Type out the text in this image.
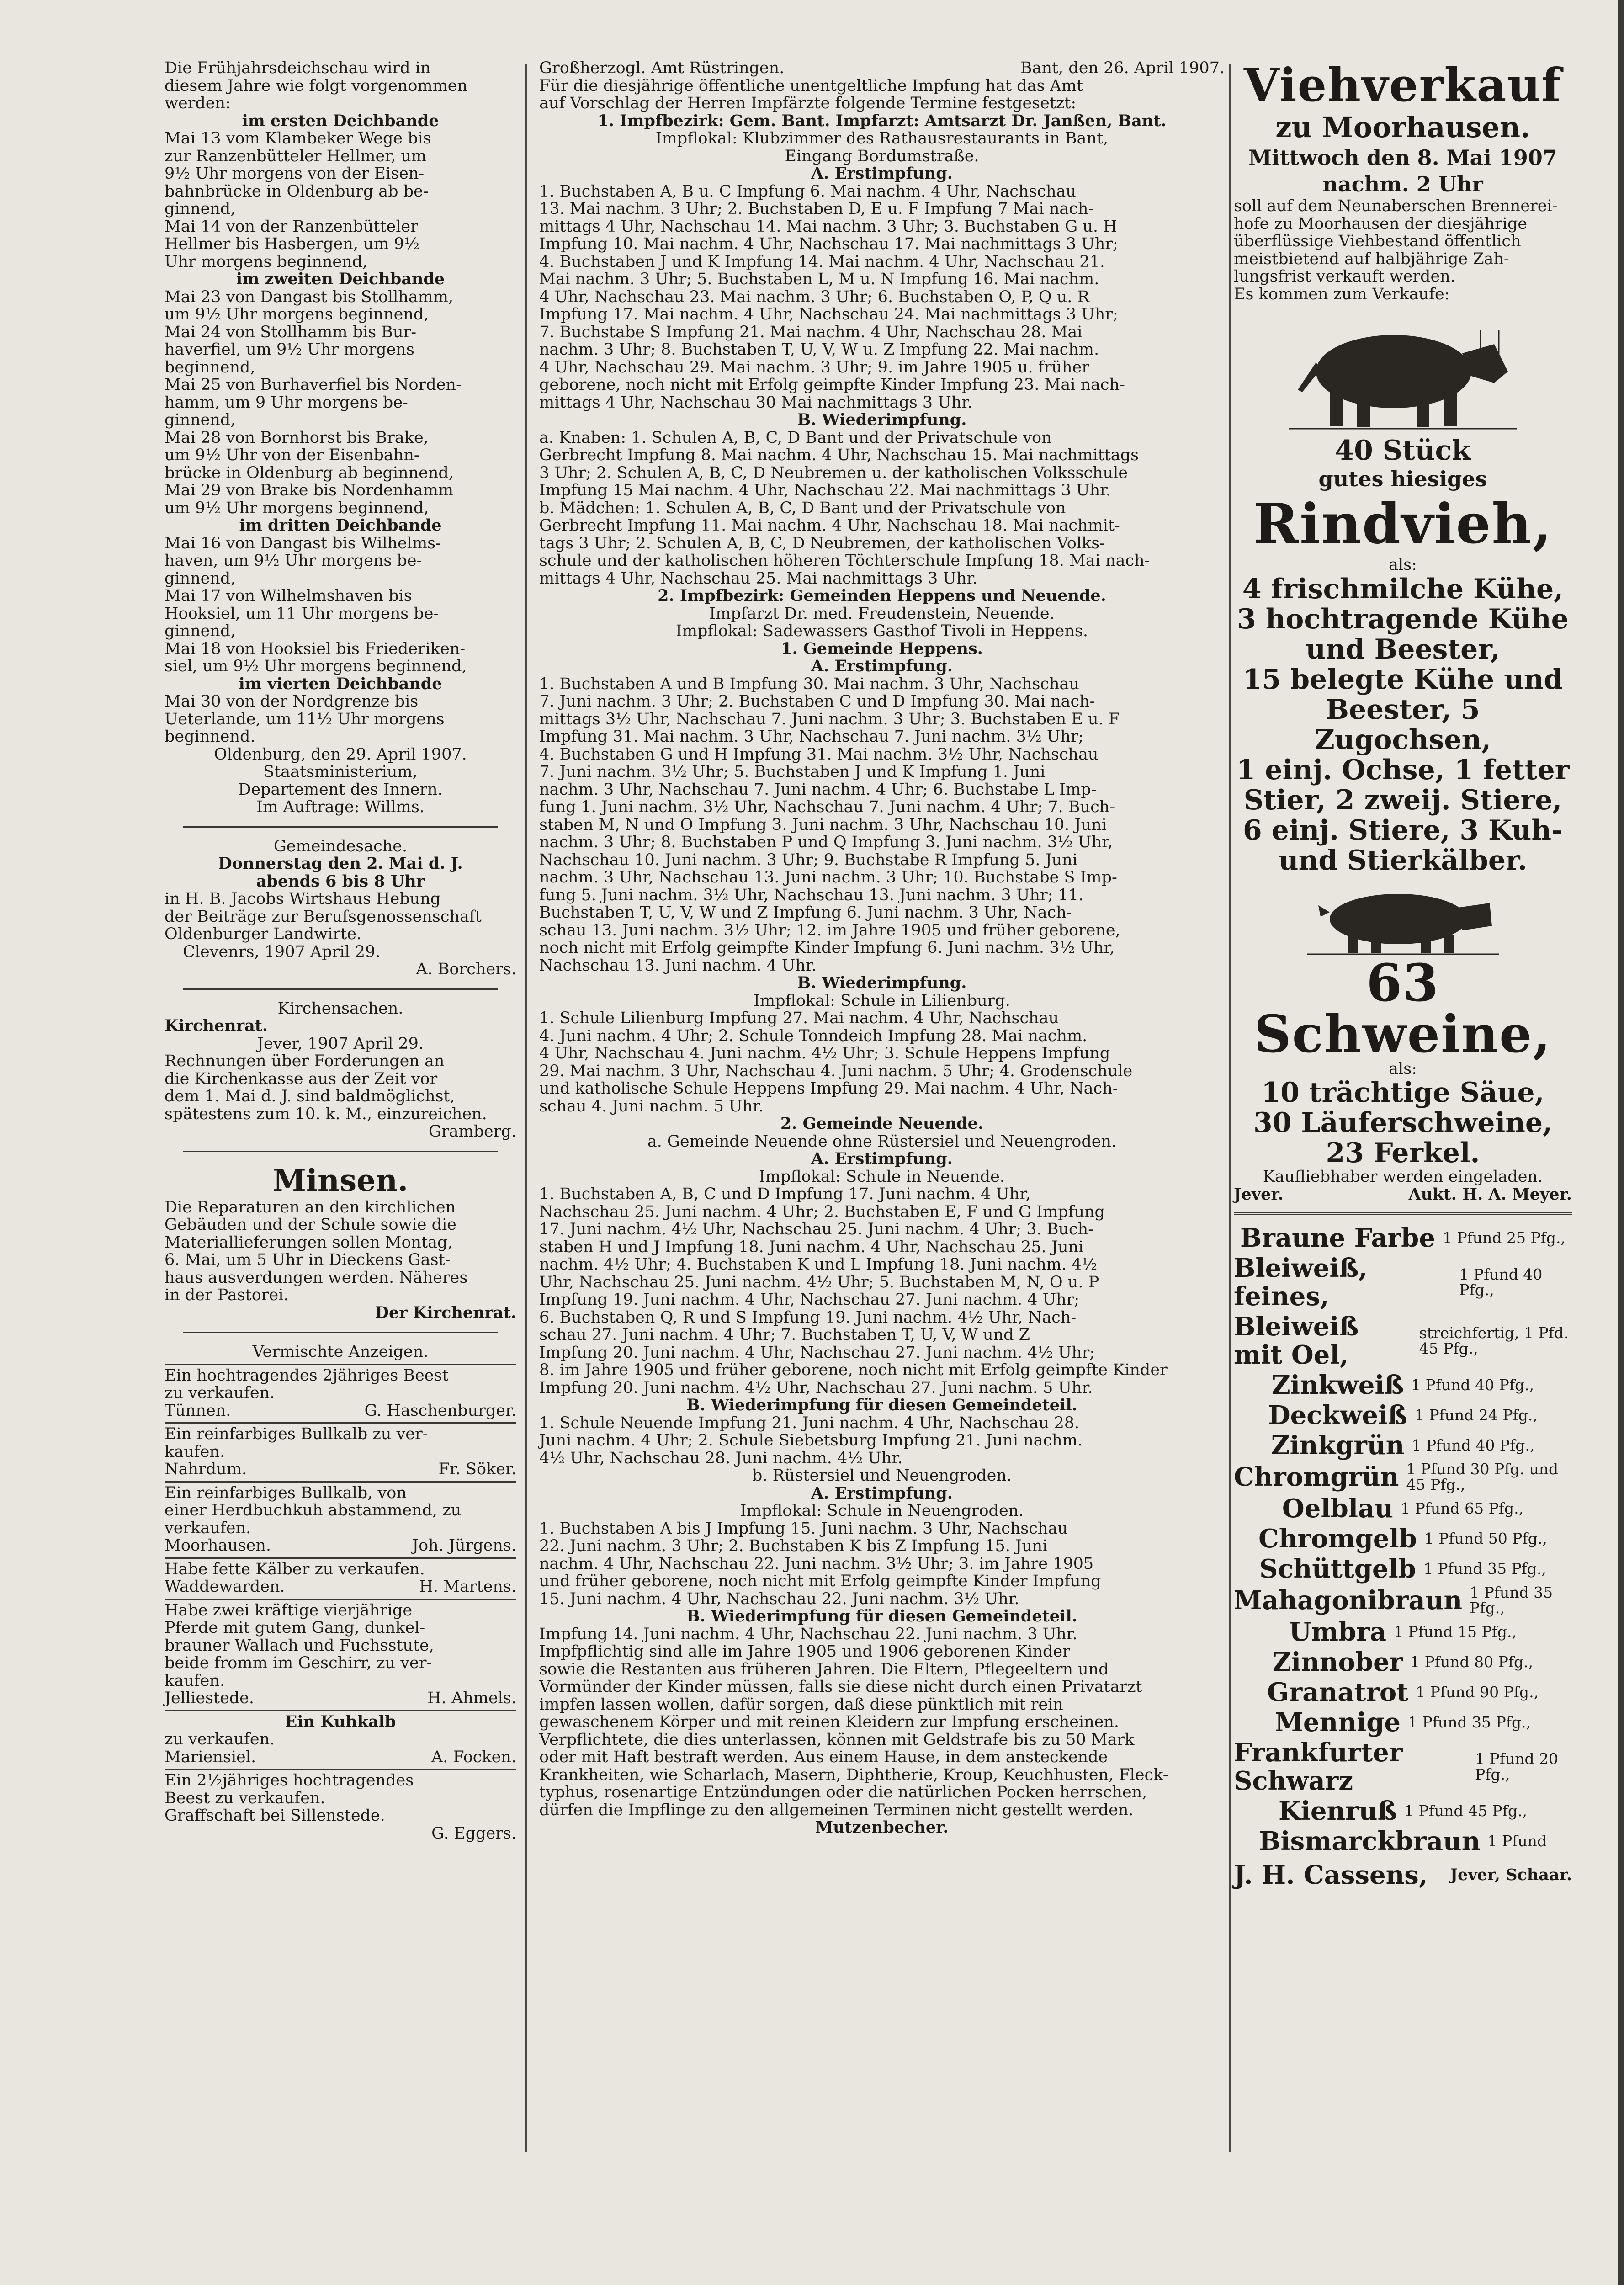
Die Frühjahrsdeichschau wird in

diesem Jahre wie folgt vorgenommen

werden:

im ersten Deichbande

Mai 13 vom Klambeker Wege bis

zur Ranzenbütteler Hellmer, um

9½ Uhr morgens von der Eisen-

bahnbrücke in Oldenburg ab be-

ginnend,

Mai 14 von der Ranzenbütteler

Hellmer bis Hasbergen, um 9½

Uhr morgens beginnend,

im zweiten Deichbande

Mai 23 von Dangast bis Stollhamm,

um 9½ Uhr morgens beginnend,

Mai 24 von Stollhamm bis Bur-

haverfiel, um 9½ Uhr morgens

beginnend,

Mai 25 von Burhaverfiel bis Norden-

hamm, um 9 Uhr morgens be-

ginnend,

Mai 28 von Bornhorst bis Brake,

um 9½ Uhr von der Eisenbahn-

brücke in Oldenburg ab beginnend,

Mai 29 von Brake bis Nordenhamm

um 9½ Uhr morgens beginnend,

im dritten Deichbande

Mai 16 von Dangast bis Wilhelms-

haven, um 9½ Uhr morgens be-

ginnend,

Mai 17 von Wilhelmshaven bis

Hooksiel, um 11 Uhr morgens be-

ginnend,

Mai 18 von Hooksiel bis Friederiken-

siel, um 9½ Uhr morgens beginnend,

im vierten Deichbande

Mai 30 von der Nordgrenze bis

Ueterlande, um 11½ Uhr morgens

beginnend.

Oldenburg, den 29. April 1907.

Staatsministerium,

Departement des Innern.

Im Auftrage: Willms.

Gemeindesache.

Donnerstag den 2. Mai d. J.

abends 6 bis 8 Uhr

in H. B. Jacobs Wirtshaus Hebung

der Beiträge zur Berufsgenossenschaft

Oldenburger Landwirte.

Clevenrs, 1907 April 29.

A. Borchers.

Kirchensachen.

Kirchenrat.

Jever, 1907 April 29.

Rechnungen über Forderungen an

die Kirchenkasse aus der Zeit vor

dem 1. Mai d. J. sind baldmöglichst,

spätestens zum 10. k. M., einzureichen.

Gramberg.

Minsen.

Die Reparaturen an den kirchlichen

Gebäuden und der Schule sowie die

Materiallieferungen sollen Montag,

6. Mai, um 5 Uhr in Dieckens Gast-

haus ausverdungen werden. Näheres

in der Pastorei.

Der Kirchenrat.

Vermischte Anzeigen.

Ein hochtragendes 2jähriges Beest

zu verkaufen.

Tünnen.	G. Haschenburger.

Ein reinfarbiges Bullkalb zu ver-

kaufen.

Nahrdum.	Fr. Söker.

Ein reinfarbiges Bullkalb, von

einer Herdbuchkuh abstammend, zu

verkaufen.

Moorhausen.	Joh. Jürgens.

Habe fette Kälber zu verkaufen.

Waddewarden.	H. Martens.

Habe zwei kräftige vierjährige

Pferde mit gutem Gang, dunkel-

brauner Wallach und Fuchsstute,

beide fromm im Geschirr, zu ver-

kaufen.

Jelliestede.	H. Ahmels.

Ein Kuhkalb

zu verkaufen.

Mariensiel.	A. Focken.

Ein 2½jähriges hochtragendes

Beest zu verkaufen.

Graffschaft bei Sillenstede.

G. Eggers.
Großherzogl. Amt Rüstringen.	Bant, den 26. April 1907.

Für die diesjährige öffentliche unentgeltliche Impfung hat das Amt

auf Vorschlag der Herren Impfärzte folgende Termine festgesetzt:

1. Impfbezirk: Gem. Bant. Impfarzt: Amtsarzt Dr. Janßen, Bant.

Impflokal: Klubzimmer des Rathausrestaurants in Bant,

Eingang Bordumstraße.

A. Erstimpfung.

1. Buchstaben A, B u. C Impfung 6. Mai nachm. 4 Uhr, Nachschau

13. Mai nachm. 3 Uhr; 2. Buchstaben D, E u. F Impfung 7 Mai nach-

mittags 4 Uhr, Nachschau 14. Mai nachm. 3 Uhr; 3. Buchstaben G u. H

Impfung 10. Mai nachm. 4 Uhr, Nachschau 17. Mai nachmittags 3 Uhr;

4. Buchstaben J und K Impfung 14. Mai nachm. 4 Uhr, Nachschau 21.

Mai nachm. 3 Uhr; 5. Buchstaben L, M u. N Impfung 16. Mai nachm.

4 Uhr, Nachschau 23. Mai nachm. 3 Uhr; 6. Buchstaben O, P, Q u. R

Impfung 17. Mai nachm. 4 Uhr, Nachschau 24. Mai nachmittags 3 Uhr;

7. Buchstabe S Impfung 21. Mai nachm. 4 Uhr, Nachschau 28. Mai

nachm. 3 Uhr; 8. Buchstaben T, U, V, W u. Z Impfung 22. Mai nachm.

4 Uhr, Nachschau 29. Mai nachm. 3 Uhr; 9. im Jahre 1905 u. früher

geborene, noch nicht mit Erfolg geimpfte Kinder Impfung 23. Mai nach-

mittags 4 Uhr, Nachschau 30 Mai nachmittags 3 Uhr.

B. Wiederimpfung.

a. Knaben: 1. Schulen A, B, C, D Bant und der Privatschule von

Gerbrecht Impfung 8. Mai nachm. 4 Uhr, Nachschau 15. Mai nachmittags

3 Uhr; 2. Schulen A, B, C, D Neubremen u. der katholischen Volksschule

Impfung 15 Mai nachm. 4 Uhr, Nachschau 22. Mai nachmittags 3 Uhr.

b. Mädchen: 1. Schulen A, B, C, D Bant und der Privatschule von

Gerbrecht Impfung 11. Mai nachm. 4 Uhr, Nachschau 18. Mai nachmit-

tags 3 Uhr; 2. Schulen A, B, C, D Neubremen, der katholischen Volks-

schule und der katholischen höheren Töchterschule Impfung 18. Mai nach-

mittags 4 Uhr, Nachschau 25. Mai nachmittags 3 Uhr.

2. Impfbezirk: Gemeinden Heppens und Neuende.

Impfarzt Dr. med. Freudenstein, Neuende.

Impflokal: Sadewassers Gasthof Tivoli in Heppens.

1. Gemeinde Heppens.

A. Erstimpfung.

1. Buchstaben A und B Impfung 30. Mai nachm. 3 Uhr, Nachschau

7. Juni nachm. 3 Uhr; 2. Buchstaben C und D Impfung 30. Mai nach-

mittags 3½ Uhr, Nachschau 7. Juni nachm. 3 Uhr; 3. Buchstaben E u. F

Impfung 31. Mai nachm. 3 Uhr, Nachschau 7. Juni nachm. 3½ Uhr;

4. Buchstaben G und H Impfung 31. Mai nachm. 3½ Uhr, Nachschau

7. Juni nachm. 3½ Uhr; 5. Buchstaben J und K Impfung 1. Juni

nachm. 3 Uhr, Nachschau 7. Juni nachm. 4 Uhr; 6. Buchstabe L Imp-

fung 1. Juni nachm. 3½ Uhr, Nachschau 7. Juni nachm. 4 Uhr; 7. Buch-

staben M, N und O Impfung 3. Juni nachm. 3 Uhr, Nachschau 10. Juni

nachm. 3 Uhr; 8. Buchstaben P und Q Impfung 3. Juni nachm. 3½ Uhr,

Nachschau 10. Juni nachm. 3 Uhr; 9. Buchstabe R Impfung 5. Juni

nachm. 3 Uhr, Nachschau 13. Juni nachm. 3 Uhr; 10. Buchstabe S Imp-

fung 5. Juni nachm. 3½ Uhr, Nachschau 13. Juni nachm. 3 Uhr; 11.

Buchstaben T, U, V, W und Z Impfung 6. Juni nachm. 3 Uhr, Nach-

schau 13. Juni nachm. 3½ Uhr; 12. im Jahre 1905 und früher geborene,

noch nicht mit Erfolg geimpfte Kinder Impfung 6. Juni nachm. 3½ Uhr,

Nachschau 13. Juni nachm. 4 Uhr.

B. Wiederimpfung.

Impflokal: Schule in Lilienburg.

1. Schule Lilienburg Impfung 27. Mai nachm. 4 Uhr, Nachschau

4. Juni nachm. 4 Uhr; 2. Schule Tonndeich Impfung 28. Mai nachm.

4 Uhr, Nachschau 4. Juni nachm. 4½ Uhr; 3. Schule Heppens Impfung

29. Mai nachm. 3 Uhr, Nachschau 4. Juni nachm. 5 Uhr; 4. Grodenschule

und katholische Schule Heppens Impfung 29. Mai nachm. 4 Uhr, Nach-

schau 4. Juni nachm. 5 Uhr.

2. Gemeinde Neuende.

a. Gemeinde Neuende ohne Rüstersiel und Neuengroden.

A. Erstimpfung.

Impflokal: Schule in Neuende.

1. Buchstaben A, B, C und D Impfung 17. Juni nachm. 4 Uhr,

Nachschau 25. Juni nachm. 4 Uhr; 2. Buchstaben E, F und G Impfung

17. Juni nachm. 4½ Uhr, Nachschau 25. Juni nachm. 4 Uhr; 3. Buch-

staben H und J Impfung 18. Juni nachm. 4 Uhr, Nachschau 25. Juni

nachm. 4½ Uhr; 4. Buchstaben K und L Impfung 18. Juni nachm. 4½

Uhr, Nachschau 25. Juni nachm. 4½ Uhr; 5. Buchstaben M, N, O u. P

Impfung 19. Juni nachm. 4 Uhr, Nachschau 27. Juni nachm. 4 Uhr;

6. Buchstaben Q, R und S Impfung 19. Juni nachm. 4½ Uhr, Nach-

schau 27. Juni nachm. 4 Uhr; 7. Buchstaben T, U, V, W und Z

Impfung 20. Juni nachm. 4 Uhr, Nachschau 27. Juni nachm. 4½ Uhr;

8. im Jahre 1905 und früher geborene, noch nicht mit Erfolg geimpfte Kinder

Impfung 20. Juni nachm. 4½ Uhr, Nachschau 27. Juni nachm. 5 Uhr.

B. Wiederimpfung für diesen Gemeindeteil.

1. Schule Neuende Impfung 21. Juni nachm. 4 Uhr, Nachschau 28.

Juni nachm. 4 Uhr; 2. Schule Siebetsburg Impfung 21. Juni nachm.

4½ Uhr, Nachschau 28. Juni nachm. 4½ Uhr.

b. Rüstersiel und Neuengroden.

A. Erstimpfung.

Impflokal: Schule in Neuengroden.

1. Buchstaben A bis J Impfung 15. Juni nachm. 3 Uhr, Nachschau

22. Juni nachm. 3 Uhr; 2. Buchstaben K bis Z Impfung 15. Juni

nachm. 4 Uhr, Nachschau 22. Juni nachm. 3½ Uhr; 3. im Jahre 1905

und früher geborene, noch nicht mit Erfolg geimpfte Kinder Impfung

15. Juni nachm. 4 Uhr, Nachschau 22. Juni nachm. 3½ Uhr.

B. Wiederimpfung für diesen Gemeindeteil.

Impfung 14. Juni nachm. 4 Uhr, Nachschau 22. Juni nachm. 3 Uhr.

Impfpflichtig sind alle im Jahre 1905 und 1906 geborenen Kinder

sowie die Restanten aus früheren Jahren. Die Eltern, Pflegeeltern und

Vormünder der Kinder müssen, falls sie diese nicht durch einen Privatarzt

impfen lassen wollen, dafür sorgen, daß diese pünktlich mit rein

gewaschenem Körper und mit reinen Kleidern zur Impfung erscheinen.

Verpflichtete, die dies unterlassen, können mit Geldstrafe bis zu 50 Mark

oder mit Haft bestraft werden. Aus einem Hause, in dem ansteckende

Krankheiten, wie Scharlach, Masern, Diphtherie, Kroup, Keuchhusten, Fleck-

typhus, rosenartige Entzündungen oder die natürlichen Pocken herrschen,

dürfen die Impflinge zu den allgemeinen Terminen nicht gestellt werden.

Mutzenbecher.

Viehverkauf
zu Moorhausen.
Mittwoch den 8. Mai 1907
nachm. 2 Uhr

soll auf dem Neunaberschen Brennerei-

hofe zu Moorhausen der diesjährige

überflüssige Viehbestand öffentlich

meistbietend auf halbjährige Zah-

lungsfrist verkauft werden.

Es kommen zum Verkaufe:

40 Stück
gutes hiesiges
Rindvieh,

als:

4 frischmilche Kühe,
3 hochtragende Kühe
und Beester,
15 belegte Kühe und
Beester, 5 Zugochsen,
1 einj. Ochse, 1 fetter
Stier, 2 zweij. Stiere,
6 einj. Stiere, 3 Kuh-
und Stierkälber.
63 Schweine,

als:

10 trächtige Säue,
30 Läuferschweine,
23 Ferkel.

Kaufliebhaber werden eingeladen.

Jever.	Aukt. H. A. Meyer.
Braune Farbe 1 Pfund 25 Pfg.,
Bleiweiß, feines,
1 Pfund 40 Pfg.,
Bleiweiß mit Oel,
streichfertig, 1 Pfd. 45 Pfg.,
Zinkweiß 1 Pfund 40 Pfg.,
Deckweiß 1 Pfund 24 Pfg.,
Zinkgrün 1 Pfund 40 Pfg.,
Chromgrün 1 Pfund 30 Pfg. und 45 Pfg.,
Oelblau 1 Pfund 65 Pfg.,
Chromgelb 1 Pfund 50 Pfg.,
Schüttgelb 1 Pfund 35 Pfg.,
Mahagonibraun 1 Pfund 35 Pfg.,
Umbra 1 Pfund 15 Pfg.,
Zinnober 1 Pfund 80 Pfg.,
Granatrot 1 Pfund 90 Pfg.,
Mennige 1 Pfund 35 Pfg.,
Frankfurter Schwarz
1 Pfund 20 Pfg.,
Kienruß 1 Pfund 45 Pfg.,
Bismarckbraun 1 Pfund
J. H. Cassens, Jever, Schaar.
